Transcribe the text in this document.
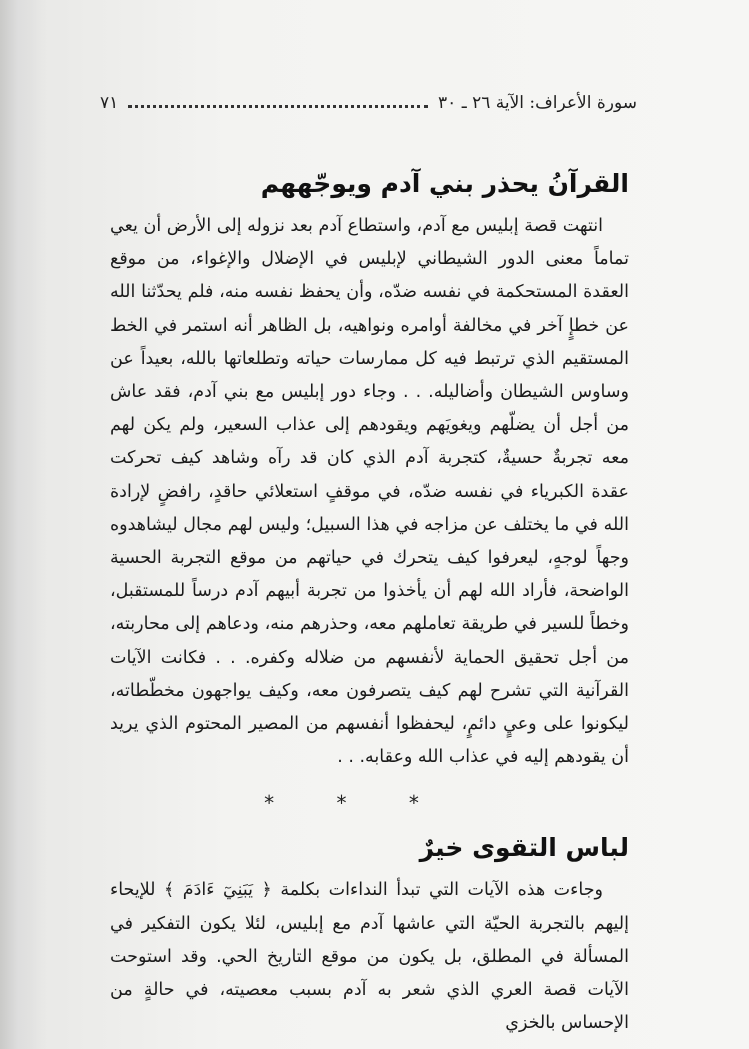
سورة الأعراف: الآية ٢٦ ـ ٣٠
٧١
القرآنُ يحذر بني آدم ويوجّههم

انتهت قصة إبليس مع آدم، واستطاع آدم بعد نزوله إلى الأرض أن يعي تماماً معنى الدور الشيطاني لإبليس في الإضلال والإغواء، من موقع العقدة المستحكمة في نفسه ضدّه، وأن يحفظ نفسه منه، فلم يحدّثنا الله عن خطإٍ آخر في مخالفة أوامره ونواهيه، بل الظاهر أنه استمر في الخط المستقيم الذي ترتبط فيه كل ممارسات حياته وتطلعاتها بالله، بعيداً عن وساوس الشيطان وأضاليله. . . وجاء دور إبليس مع بني آدم، فقد عاش من أجل أن يضلّهم ويغويَهم ويقودهم إلى عذاب السعير، ولم يكن لهم معه تجربةٌ حسيةٌ، كتجربة آدم الذي كان قد رآه وشاهد كيف تحركت عقدة الكبرياء في نفسه ضدّه، في موقفٍ استعلائي حاقدٍ، رافضٍ لإرادة الله في ما يختلف عن مزاجه في هذا السبيل؛ وليس لهم مجال ليشاهدوه وجهاً لوجهٍ، ليعرفوا كيف يتحرك في حياتهم من موقع التجربة الحسية الواضحة، فأراد الله لهم أن يأخذوا من تجربة أبيهم آدم درساً للمستقبل، وخطاً للسير في طريقة تعاملهم معه، وحذرهم منه، ودعاهم إلى محاربته، من أجل تحقيق الحماية لأنفسهم من ضلاله وكفره. . . فكانت الآيات القرآنية التي تشرح لهم كيف يتصرفون معه، وكيف يواجهون مخطّطاته، ليكونوا على وعيٍ دائمٍ، ليحفظوا أنفسهم من المصير المحتوم الذي يريد أن يقودهم إليه في عذاب الله وعقابه. . .

* * *
لباس التقوى خيرٌ

وجاءت هذه الآيات التي تبدأ النداءات بكلمة ﴿ يَبَنِيٓ ءَادَمَ ﴾ للإيحاء إليهم بالتجربة الحيّة التي عاشها آدم مع إبليس، لئلا يكون التفكير في المسألة في المطلق، بل يكون من موقع التاريخ الحي. وقد استوحت الآيات قصة العري الذي شعر به آدم بسبب معصيته، في حالةٍ من الإحساس بالخزي
